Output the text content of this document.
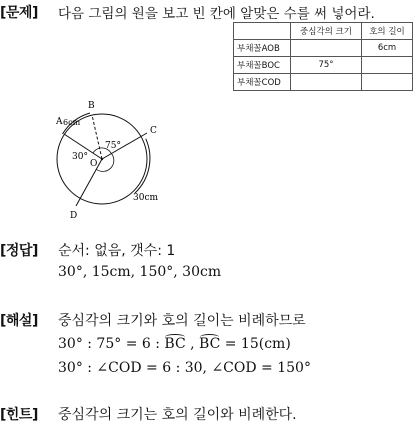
[문제] 다음 그림의 원을 보고 빈 칸에 알맞은 수를 써 넣어라.
	중심각의 크기	호의 길이
부채꼴AOB		6cm
부채꼴BOC	75°	
부채꼴COD		
A
B
C
D
O
6cm
30°
75°
30cm
[정답] 순서: 없음, 갯수: 1
30°, 15cm, 150°, 30cm
[해설] 중심각의 크기와 호의 길이는 비례하므로
30° : 75° = 6 : BC , BC = 15(cm)
30° : ∠COD = 6 : 30, ∠COD = 150°
[힌트] 중심각의 크기는 호의 길이와 비례한다.
